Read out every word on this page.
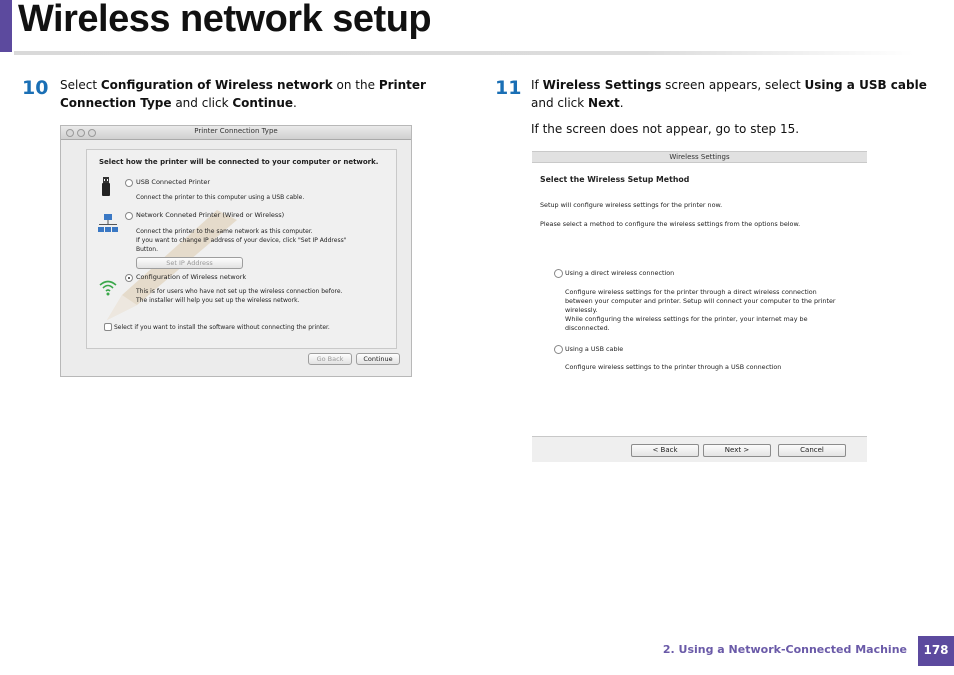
Wireless network setup
10 Select Configuration of Wireless network on the Printer Connection Type and click Continue.
Printer Connection Type
Select how the printer will be connected to your computer or network.
USB Connected Printer
Connect the printer to this computer using a USB cable.
Network Conneted Printer (Wired or Wireless)
Connect the printer to the same network as this computer.
If you want to change IP address of your device, click "Set IP Address"
Button.
Set IP Address
Configuration of Wireless network
This is for users who have not set up the wireless connection before.
The installer will help you set up the wireless network.
Select if you want to install the software without connecting the printer.
Go Back	Continue
11 If Wireless Settings screen appears, select Using a USB cable and click Next.
If the screen does not appear, go to step 15.
Wireless Settings
Select the Wireless Setup Method
Setup will configure wireless settings for the printer now.
Please select a method to configure the wireless settings from the options below.
Using a direct wireless connection
Configure wireless settings for the printer through a direct wireless connection
between your computer and printer. Setup will connect your computer to the printer
wirelessly.
While configuring the wireless settings for the printer, your internet may be
disconnected.
Using a USB cable
Configure wireless settings to the printer through a USB connection
< Back	Next >	Cancel
2. Using a Network-Connected Machine	178
